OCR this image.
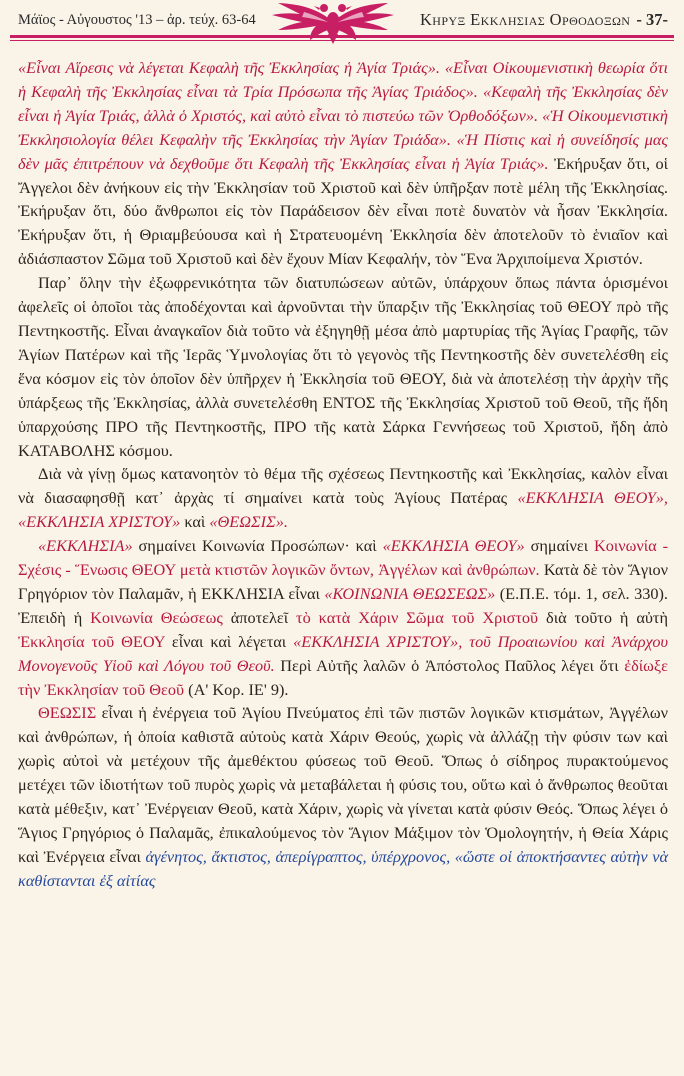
Μάϊος - Αὐγουστος '13 – ἀρ. τεύχ. 63-64	Κηρυξ Εκκλησιας Ορθοδοξων - 37-

«Εἶναι Αἵρεσις νὰ λέγεται Κεφαλὴ τῆς Ἐκκλησίας ἡ Ἁγία Τριάς». «Εἶναι Οἰκουμενιστικὴ θεωρία ὅτι ἡ Κεφαλὴ τῆς Ἐκκλησίας εἶναι τὰ Τρία Πρόσωπα τῆς Ἁγίας Τριάδος». «Κεφαλὴ τῆς Ἐκκλησίας δὲν εἶναι ἡ Ἁγία Τριάς, ἀλλὰ ὁ Χριστός, καὶ αὐτὸ εἶναι τὸ πιστεύω τῶν Ὀρθοδόξων». «Ἡ Οἰκουμενιστικὴ Ἐκκλησιολογία θέλει Κεφαλὴν τῆς Ἐκκλησίας τὴν Ἁγίαν Τριάδα». «Ἡ Πίστις καὶ ἡ συνείδησίς μας δὲν μᾶς ἐπιτρέπουν νὰ δεχθοῦμε ὅτι Κεφαλὴ τῆς Ἐκκλησίας εἶναι ἡ Ἁγία Τριάς». Ἐκήρυξαν ὅτι, οἱ Ἄγγελοι δὲν ἀνήκουν εἰς τὴν Ἐκκλησίαν τοῦ Χριστοῦ καὶ δὲν ὑπῆρξαν ποτὲ μέλη τῆς Ἐκκλησίας. Ἐκήρυξαν ὅτι, δύο ἄνθρωποι εἰς τὸν Παράδεισον δὲν εἶναι ποτὲ δυνατὸν νὰ ἦσαν Ἐκκλησία. Ἐκήρυξαν ὅτι, ἡ Θριαμβεύουσα καὶ ἡ Στρατευομένη Ἐκκλησία δὲν ἀποτελοῦν τὸ ἑνιαῖον καὶ ἀδιάσπαστον Σῶμα τοῦ Χριστοῦ καὶ δὲν ἔχουν Μίαν Κεφαλήν, τὸν Ἕνα Ἀρχιποίμενα Χριστόν.

Παρ᾽ ὅλην τὴν ἐξωφρενικότητα τῶν διατυπώσεων αὐτῶν, ὑπάρχουν ὅπως πάντα ὁρισμένοι ἀφελεῖς οἱ ὁποῖοι τὰς ἀποδέχονται καὶ ἀρνοῦνται τὴν ὕπαρξιν τῆς Ἐκκλησίας τοῦ ΘΕΟΥ πρὸ τῆς Πεντηκοστῆς. Εἶναι ἀναγκαῖον διὰ τοῦτο νὰ ἐξηγηθῇ μέσα ἀπὸ μαρτυρίας τῆς Ἁγίας Γραφῆς, τῶν Ἁγίων Πατέρων καὶ τῆς Ἱερᾶς Ὑμνολογίας ὅτι τὸ γεγονὸς τῆς Πεντηκοστῆς δὲν συνετελέσθη εἰς ἕνα κόσμον εἰς τὸν ὁποῖον δὲν ὑπῆρχεν ἡ Ἐκκλησία τοῦ ΘΕΟΥ, διὰ νὰ ἀποτελέσῃ τὴν ἀρχὴν τῆς ὑπάρξεως τῆς Ἐκκλησίας, ἀλλὰ συνετελέσθη ΕΝΤΟΣ τῆς Ἐκκλησίας Χριστοῦ τοῦ Θεοῦ, τῆς ἤδη ὑπαρχούσης ΠΡΟ τῆς Πεντηκοστῆς, ΠΡΟ τῆς κατὰ Σάρκα Γεννήσεως τοῦ Χριστοῦ, ἤδη ἀπὸ ΚΑΤΑΒΟΛΗΣ κόσμου.

Διὰ νὰ γίνῃ ὅμως κατανοητὸν τὸ θέμα τῆς σχέσεως Πεντηκοστῆς καὶ Ἐκκλησίας, καλὸν εἶναι νὰ διασαφησθῇ κατ᾽ ἀρχὰς τί σημαίνει κατὰ τοὺς Ἁγίους Πατέρας «ΕΚΚΛΗΣΙΑ ΘΕΟΥ», «ΕΚΚΛΗΣΙΑ ΧΡΙΣΤΟΥ» καὶ «ΘΕΩΣΙΣ».

«ΕΚΚΛΗΣΙΑ» σημαίνει Κοινωνία Προσώπων· καὶ «ΕΚΚΛΗΣΙΑ ΘΕΟΥ» σημαίνει Κοινωνία - Σχέσις - Ἕνωσις ΘΕΟΥ μετὰ κτιστῶν λογικῶν ὄντων, Ἀγγέλων καὶ ἀνθρώπων. Κατὰ δὲ τὸν Ἅγιον Γρηγόριον τὸν Παλαμᾶν, ἡ ΕΚΚΛΗΣΙΑ εἶναι «ΚΟΙΝΩΝΙΑ ΘΕΩΣΕΩΣ» (Ε.Π.Ε. τόμ. 1, σελ. 330). Ἐπειδὴ ἡ Κοινωνία Θεώσεως ἀποτελεῖ τὸ κατὰ Χάριν Σῶμα τοῦ Χριστοῦ διὰ τοῦτο ἡ αὐτὴ Ἐκκλησία τοῦ ΘΕΟΥ εἶναι καὶ λέγεται «ΕΚΚΛΗΣΙΑ ΧΡΙΣΤΟΥ», τοῦ Προαιωνίου καὶ Ἀνάρχου Μονογενοῦς Υἱοῦ καὶ Λόγου τοῦ Θεοῦ. Περὶ Αὐτῆς λαλῶν ὁ Ἀπόστολος Παῦλος λέγει ὅτι ἐδίωξε τὴν Ἐκκλησίαν τοῦ Θεοῦ (Α' Κορ. ΙΕ' 9).

ΘΕΩΣΙΣ εἶναι ἡ ἐνέργεια τοῦ Ἁγίου Πνεύματος ἐπὶ τῶν πιστῶν λογικῶν κτισμάτων, Ἀγγέλων καὶ ἀνθρώπων, ἡ ὁποία καθιστᾶ αὐτοὺς κατὰ Χάριν Θεούς, χωρὶς νὰ ἀλλάζῃ τὴν φύσιν των καὶ χωρὶς αὐτοὶ νὰ μετέχουν τῆς ἀμεθέκτου φύσεως τοῦ Θεοῦ. Ὅπως ὁ σίδηρος πυρακτούμενος μετέχει τῶν ἰδιοτήτων τοῦ πυρὸς χωρὶς νὰ μεταβάλεται ἡ φύσις του, οὕτω καὶ ὁ ἄνθρωπος θεοῦται κατὰ μέθεξιν, κατ᾽ Ἐνέργειαν Θεοῦ, κατὰ Χάριν, χωρὶς νὰ γίνεται κατὰ φύσιν Θεός. Ὅπως λέγει ὁ Ἅγιος Γρηγόριος ὁ Παλαμᾶς, ἐπικαλούμενος τὸν Ἅγιον Μάξιμον τὸν Ὁμολογητήν, ἡ Θεία Χάρις καὶ Ἐνέργεια εἶναι ἀγένητος, ἄκτιστος, ἀπερίγραπτος, ὑπέρχρονος, «ὥστε οἱ ἀποκτήσαντες αὐτὴν νὰ καθίστανται ἐξ αἰτίας
